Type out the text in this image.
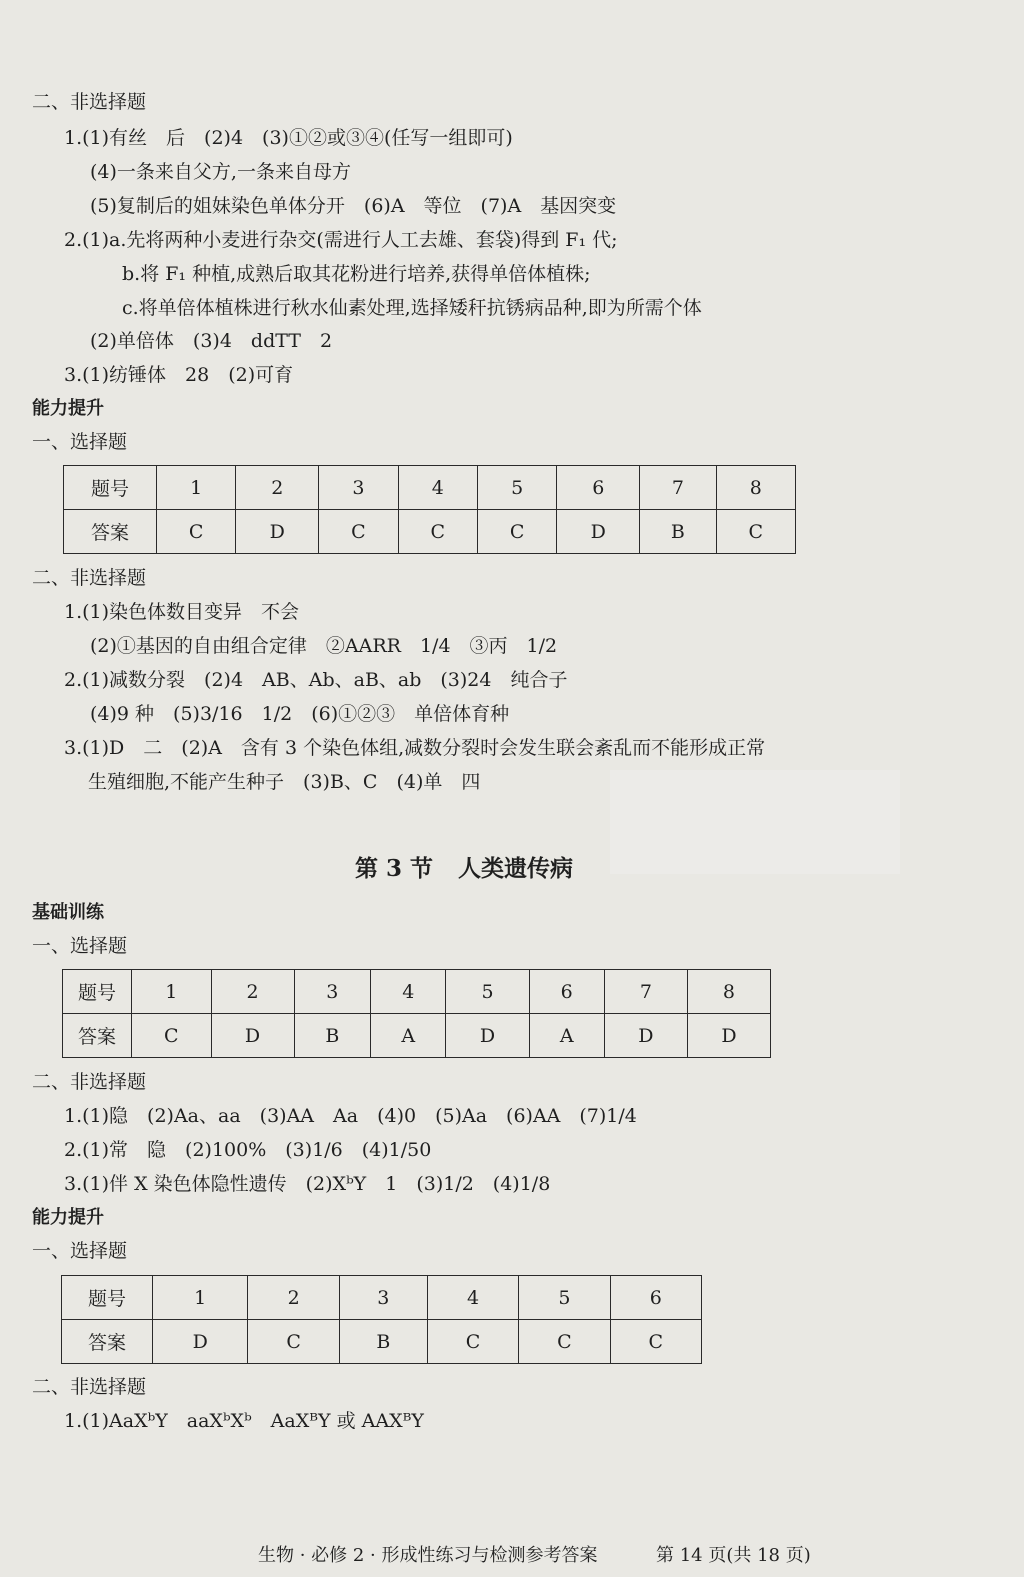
二、非选择题
1.(1)有丝　后　(2)4　(3)①②或③④(任写一组即可)
(4)一条来自父方,一条来自母方
(5)复制后的姐妹染色单体分开　(6)A　等位　(7)A　基因突变
2.(1)a.先将两种小麦进行杂交(需进行人工去雄、套袋)得到 F₁ 代;
b.将 F₁ 种植,成熟后取其花粉进行培养,获得单倍体植株;
c.将单倍体植株进行秋水仙素处理,选择矮秆抗锈病品种,即为所需个体
(2)单倍体　(3)4　ddTT　2
3.(1)纺锤体　28　(2)可育
能力提升
一、选择题
题号	1	2	3	4	5	6	7	8
答案	C	D	C	C	C	D	B	C
二、非选择题
1.(1)染色体数目变异　不会
(2)①基因的自由组合定律　②AARR　1/4　③丙　1/2
2.(1)减数分裂　(2)4　AB、Ab、aB、ab　(3)24　纯合子
(4)9 种　(5)3/16　1/2　(6)①②③　单倍体育种
3.(1)D　二　(2)A　含有 3 个染色体组,减数分裂时会发生联会紊乱而不能形成正常
生殖细胞,不能产生种子　(3)B、C　(4)单　四
第 3 节 人类遗传病
基础训练
一、选择题
题号	1	2	3	4	5	6	7	8
答案	C	D	B	A	D	A	D	D
二、非选择题
1.(1)隐　(2)Aa、aa　(3)AA　Aa　(4)0　(5)Aa　(6)AA　(7)1/4
2.(1)常　隐　(2)100%　(3)1/6　(4)1/50
3.(1)伴 X 染色体隐性遗传　(2)XᵇY　1　(3)1/2　(4)1/8
能力提升
一、选择题
题号	1	2	3	4	5	6
答案	D	C	B	C	C	C
二、非选择题
1.(1)AaXᵇY　aaXᵇXᵇ　AaXᴮY 或 AAXᴮY
生物 · 必修 2 · 形成性练习与检测参考答案	第 14 页(共 18 页)
